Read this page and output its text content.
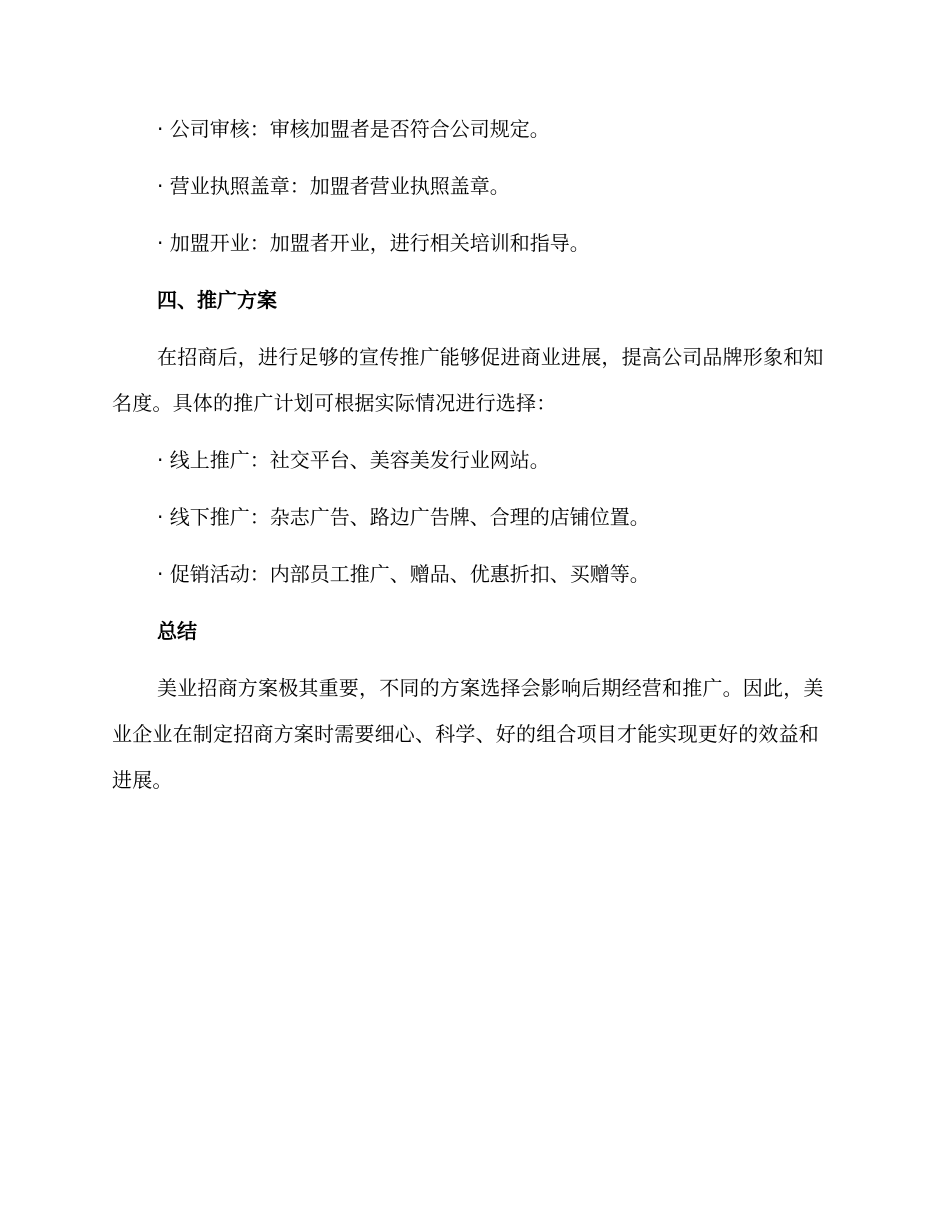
· 公司审核：审核加盟者是否符合公司规定。

· 营业执照盖章：加盟者营业执照盖章。

· 加盟开业：加盟者开业，进行相关培训和指导。

四、推广方案

在招商后，进行足够的宣传推广能够促进商业进展，提高公司品牌形象和知名度。具体的推广计划可根据实际情况进行选择：

· 线上推广：社交平台、美容美发行业网站。

· 线下推广：杂志广告、路边广告牌、合理的店铺位置。

· 促销活动：内部员工推广、赠品、优惠折扣、买赠等。

总结

美业招商方案极其重要，不同的方案选择会影响后期经营和推广。因此，美业企业在制定招商方案时需要细心、科学、好的组合项目才能实现更好的效益和进展。
